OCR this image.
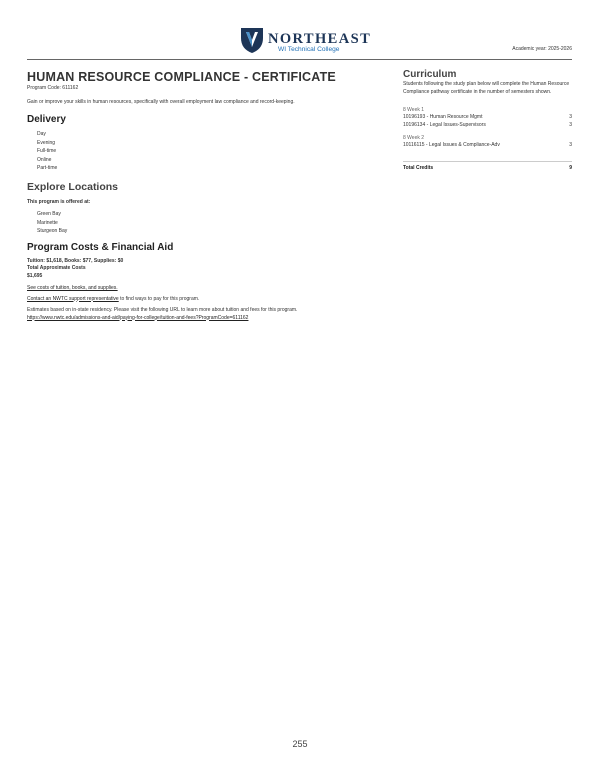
NORTHEAST
WI Technical College	Academic year: 2025-2026
HUMAN RESOURCE COMPLIANCE - CERTIFICATE
Program Code: 611162
Gain or improve your skills in human resources, specifically with overall employment law compliance and record-keeping.
Delivery
Day
Evening
Full-time
Online
Part-time
Explore Locations
This program is offered at:
Green Bay
Marinette
Sturgeon Bay
Program Costs & Financial Aid
Tuition: $1,618, Books: $77, Supplies: $0
Total Approximate Costs
$1,695
See costs of tuition, books, and supplies.
Contact an NWTC support representative to find ways to pay for this program.
Estimates based on in-state residency. Please visit the following URL to learn more about tuition and fees for this program.
https://www.nwtc.edu/admissions-and-aid/paying-for-college/tuition-and-fees?ProgramCode=611162
Curriculum
Students following the study plan below will complete the Human Resource Compliance pathway certificate in the number of semesters shown.
8 Week 1
10196193 - Human Resource Mgmt	3
10196134 - Legal Issues-Supervisors	3
8 Week 2
10116115 - Legal Issues & Compliance-Adv	3
Total Credits	9
255
